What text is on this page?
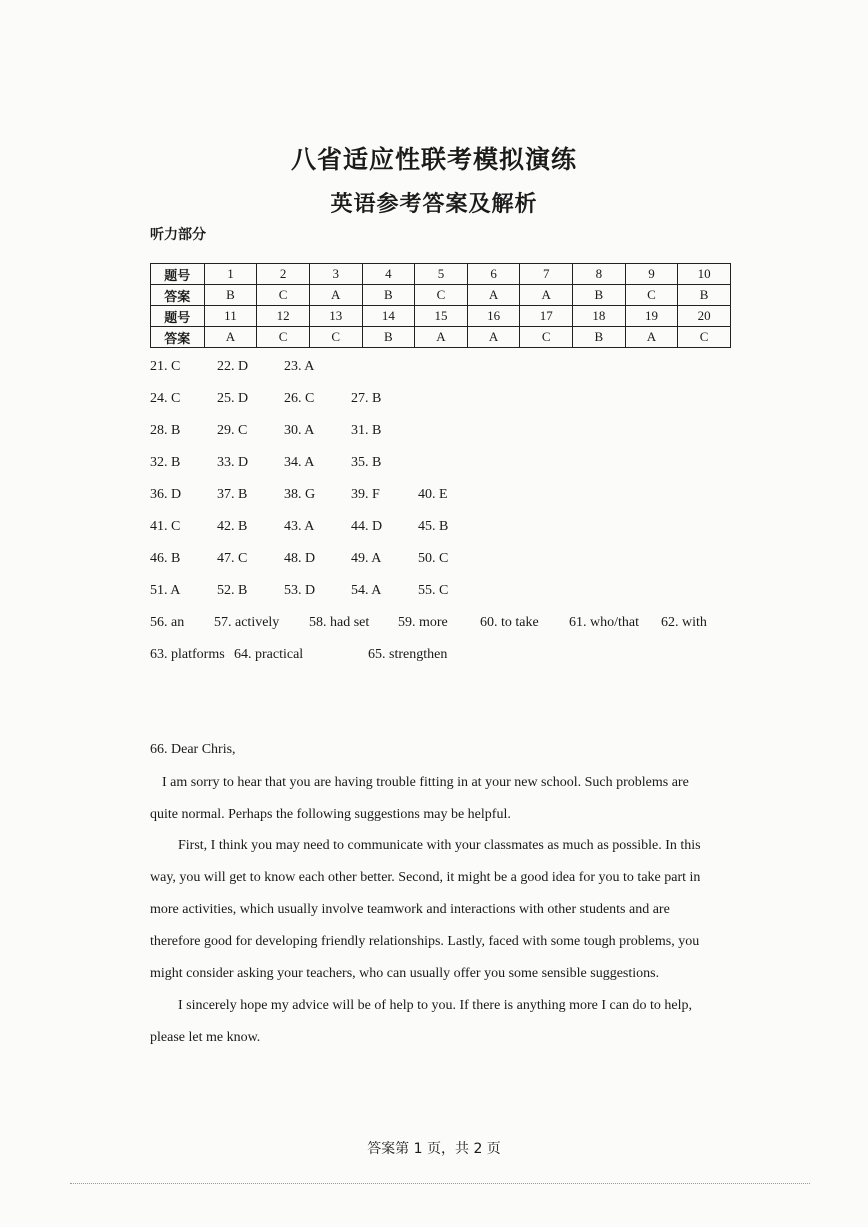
八省适应性联考模拟演练
英语参考答案及解析
听力部分
题号	1	2	3	4	5	6	7	8	9	10
答案	B	C	A	B	C	A	A	B	C	B
题号	11	12	13	14	15	16	17	18	19	20
答案	A	C	C	B	A	A	C	B	A	C
21. C	22. D	23. A
24. C	25. D	26. C	27. B
28. B	29. C	30. A	31. B
32. B	33. D	34. A	35. B
36. D	37. B	38. G	39. F	40. E
41. C	42. B	43. A	44. D	45. B
46. B	47. C	48. D	49. A	50. C
51. A	52. B	53. D	54. A	55. C
56. an 57. actively 58. had set 59. more 60. to take 61. who/that 62. with
63. platforms 64. practical	65. strengthen
66. Dear Chris,
I am sorry to hear that you are having trouble fitting in at your new school. Such problems are quite normal. Perhaps the following suggestions may be helpful.
First, I think you may need to communicate with your classmates as much as possible. In this way, you will get to know each other better. Second, it might be a good idea for you to take part in more activities, which usually involve teamwork and interactions with other students and are therefore good for developing friendly relationships. Lastly, faced with some tough problems, you might consider asking your teachers, who can usually offer you some sensible suggestions.
I sincerely hope my advice will be of help to you. If there is anything more I can do to help, please let me know.
答案第 1 页，共 2 页
